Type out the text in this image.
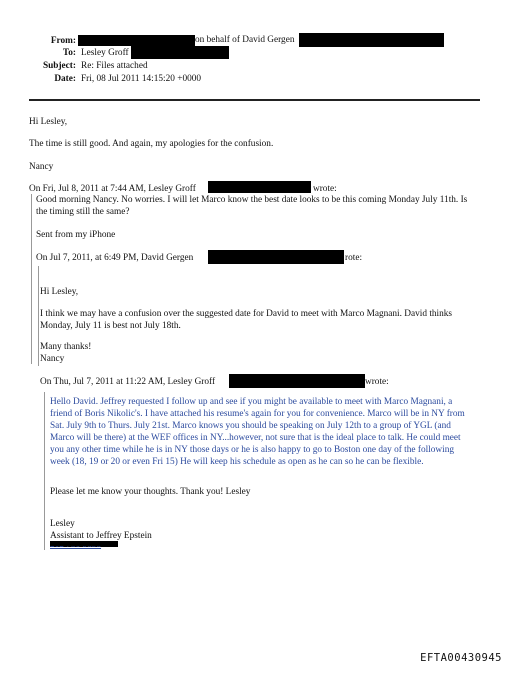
From:	on behalf of David Gergen
To: Lesley Groff
Subject: Re: Files attached
Date: Fri, 08 Jul 2011 14:15:20 +0000
Hi Lesley,
The time is still good. And again, my apologies for the confusion.
Nancy
On Fri, Jul 8, 2011 at 7:44 AM, Lesley Groff	wrote:
Good morning Nancy. No worries. I will let Marco know the best date looks to be this coming Monday July 11th. Is the timing still the same?
Sent from my iPhone
On Jul 7, 2011, at 6:49 PM, David Gergen	rote:
Hi Lesley,
I think we may have a confusion over the suggested date for David to meet with Marco Magnani. David thinks Monday, July 11 is best not July 18th.
Many thanks!
Nancy
On Thu, Jul 7, 2011 at 11:22 AM, Lesley Groff	wrote:
Hello David. Jeffrey requested I follow up and see if you might be available to meet with Marco Magnani, a friend of Boris Nikolic's. I have attached his resume's again for you for convenience. Marco will be in NY from Sat. July 9th to Thurs. July 21st. Marco knows you should be speaking on July 12th to a group of YGL (and Marco will be there) at the WEF offices in NY...however, not sure that is the ideal place to talk. He could meet you any other time while he is in NY those days or he is also happy to go to Boston one day of the following week (18, 19 or 20 or even Fri 15) He will keep his schedule as open as he can so he can be flexible.
Please let me know your thoughts. Thank you! Lesley
Lesley
Assistant to Jeffrey Epstein
EFTA00430945
